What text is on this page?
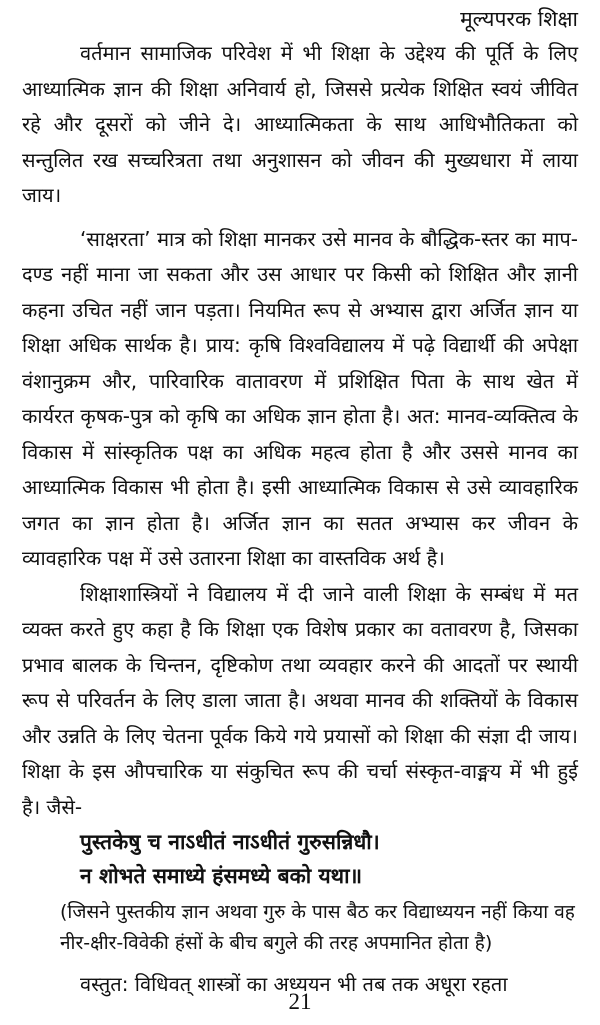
मूल्यपरक शिक्षा

वर्तमान सामाजिक परिवेश में भी शिक्षा के उद्देश्य की पूर्ति के लिए आध्यात्मिक ज्ञान की शिक्षा अनिवार्य हो, जिससे प्रत्येक शिक्षित स्वयं जीवित रहे और दूसरों को जीने दे। आध्यात्मिकता के साथ आधिभौतिकता को सन्तुलित रख सच्चरित्रता तथा अनुशासन को जीवन की मुख्यधारा में लाया जाय।

‘साक्षरता’ मात्र को शिक्षा मानकर उसे मानव के बौद्धिक-स्तर का माप-दण्ड नहीं माना जा सकता और उस आधार पर किसी को शिक्षित और ज्ञानी कहना उचित नहीं जान पड़ता। नियमित रूप से अभ्यास द्वारा अर्जित ज्ञान या शिक्षा अधिक सार्थक है। प्राय: कृषि विश्वविद्यालय में पढ़े विद्यार्थी की अपेक्षा वंशानुक्रम और, पारिवारिक वातावरण में प्रशिक्षित पिता के साथ खेत में कार्यरत कृषक-पुत्र को कृषि का अधिक ज्ञान होता है। अत: मानव-व्यक्तित्व के विकास में सांस्कृतिक पक्ष का अधिक महत्व होता है और उससे मानव का आध्यात्मिक विकास भी होता है। इसी आध्यात्मिक विकास से उसे व्यावहारिक जगत का ज्ञान होता है। अर्जित ज्ञान का सतत अभ्यास कर जीवन के व्यावहारिक पक्ष में उसे उतारना शिक्षा का वास्तविक अर्थ है।

शिक्षाशास्त्रियों ने विद्यालय में दी जाने वाली शिक्षा के सम्बंध में मत व्यक्त करते हुए कहा है कि शिक्षा एक विशेष प्रकार का वतावरण है, जिसका प्रभाव बालक के चिन्तन, दृष्टिकोण तथा व्यवहार करने की आदतों पर स्थायी रूप से परिवर्तन के लिए डाला जाता है। अथवा मानव की शक्तियों के विकास और उन्नति के लिए चेतना पूर्वक किये गये प्रयासों को शिक्षा की संज्ञा दी जाय। शिक्षा के इस औपचारिक या संकुचित रूप की चर्चा संस्कृत-वाङ्मय में भी हुई है। जैसे-

पुस्तकेषु च नाऽधीतं नाऽधीतं गुरुसन्निधौ।

न शोभते समाध्ये हंसमध्ये बको यथा॥

(जिसने पुस्तकीय ज्ञान अथवा गुरु के पास बैठ कर विद्याध्ययन नहीं किया वह नीर-क्षीर-विवेकी हंसों के बीच बगुले की तरह अपमानित होता है)

वस्तुत: विधिवत् शास्त्रों का अध्ययन भी तब तक अधूरा रहता

21
